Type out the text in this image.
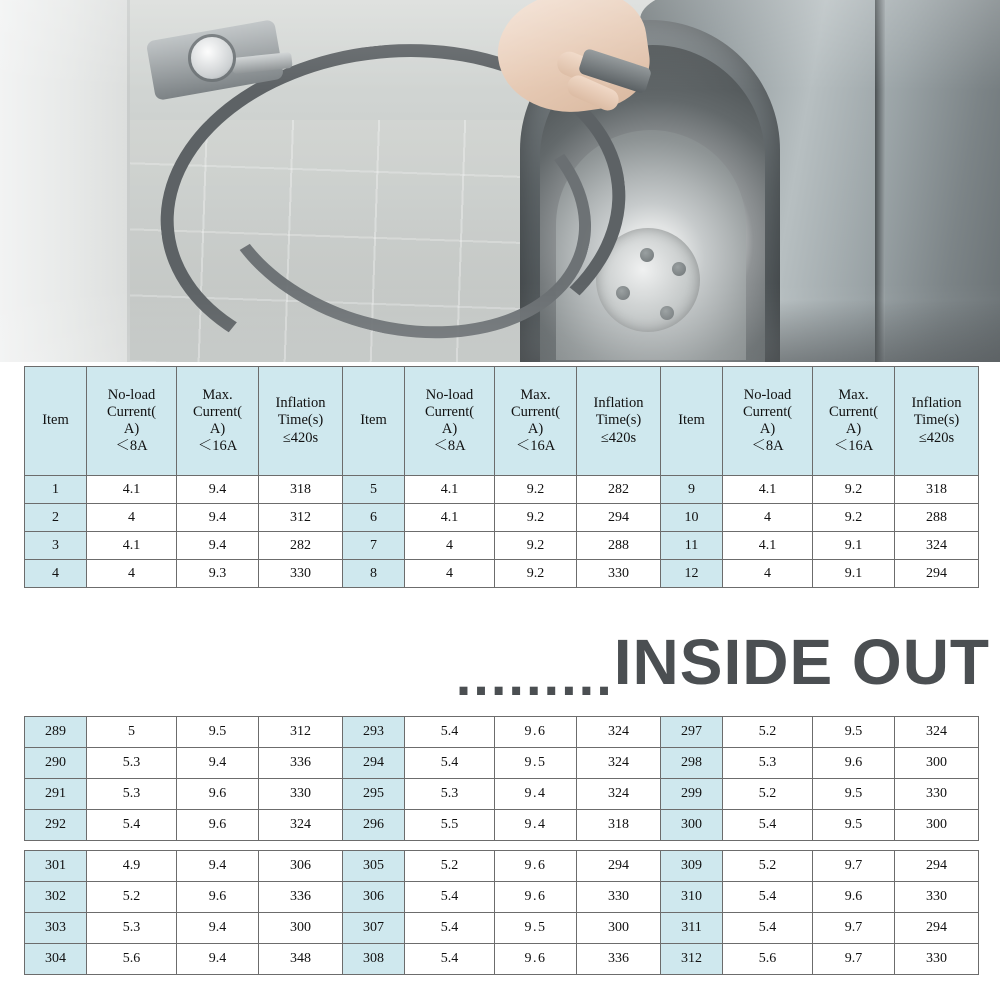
Item	No-load
Current(
A)
＜8A	Max.
Current(
A)
＜16A	Inflation
Time(s)
≤420s	Item	No-load
Current(
A)
＜8A	Max.
Current(
A)
＜16A	Inflation
Time(s)
≤420s	Item	No-load
Current(
A)
＜8A	Max.
Current(
A)
＜16A	Inflation
Time(s)
≤420s

1	4.1	9.4	318	5	4.1	9.2	282	9	4.1	9.2	318
2	4	9.4	312	6	4.1	9.2	294	10	4	9.2	288
3	4.1	9.4	282	7	4	9.2	288	11	4.1	9.1	324
4	4	9.3	330	8	4	9.2	330	12	4	9.1	294
......... INSIDE OUT
289	5	9.5	312	293	5.4	9.6	324	297	5.2	9.5	324
290	5.3	9.4	336	294	5.4	9.5	324	298	5.3	9.6	300
291	5.3	9.6	330	295	5.3	9.4	324	299	5.2	9.5	330
292	5.4	9.6	324	296	5.5	9.4	318	300	5.4	9.5	300
301	4.9	9.4	306	305	5.2	9.6	294	309	5.2	9.7	294
302	5.2	9.6	336	306	5.4	9.6	330	310	5.4	9.6	330
303	5.3	9.4	300	307	5.4	9.5	300	311	5.4	9.7	294
304	5.6	9.4	348	308	5.4	9.6	336	312	5.6	9.7	330
